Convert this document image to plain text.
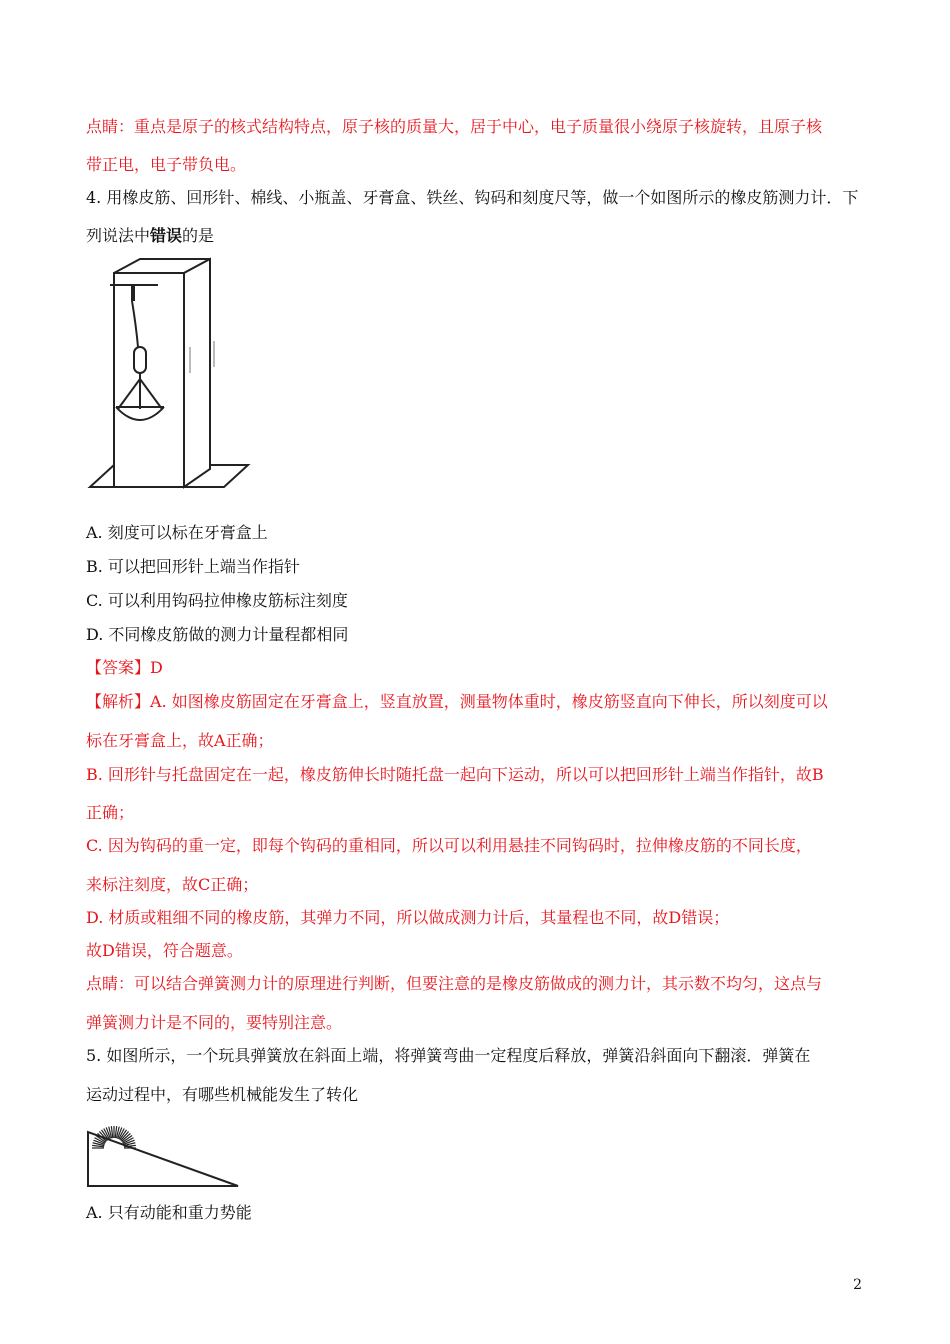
点睛：重点是原子的核式结构特点，原子核的质量大，居于中心，电子质量很小绕原子核旋转，且原子核
带正电，电子带负电。
4. 用橡皮筋、回形针、棉线、小瓶盖、牙膏盒、铁丝、钩码和刻度尺等，做一个如图所示的橡皮筋测力计．下
列说法中错误的是
A. 刻度可以标在牙膏盒上
B. 可以把回形针上端当作指针
C. 可以利用钩码拉伸橡皮筋标注刻度
D. 不同橡皮筋做的测力计量程都相同
【答案】D
【解析】A. 如图橡皮筋固定在牙膏盒上，竖直放置，测量物体重时，橡皮筋竖直向下伸长，所以刻度可以
标在牙膏盒上，故A正确；
B. 回形针与托盘固定在一起，橡皮筋伸长时随托盘一起向下运动，所以可以把回形针上端当作指针，故B
正确；
C. 因为钩码的重一定，即每个钩码的重相同，所以可以利用悬挂不同钩码时，拉伸橡皮筋的不同长度，
来标注刻度，故C正确；
D. 材质或粗细不同的橡皮筋，其弹力不同，所以做成测力计后，其量程也不同，故D错误；
故D错误，符合题意。
点睛：可以结合弹簧测力计的原理进行判断，但要注意的是橡皮筋做成的测力计，其示数不均匀，这点与
弹簧测力计是不同的，要特别注意。
5. 如图所示，一个玩具弹簧放在斜面上端，将弹簧弯曲一定程度后释放，弹簧沿斜面向下翻滚．弹簧在
运动过程中，有哪些机械能发生了转化
A. 只有动能和重力势能
2
